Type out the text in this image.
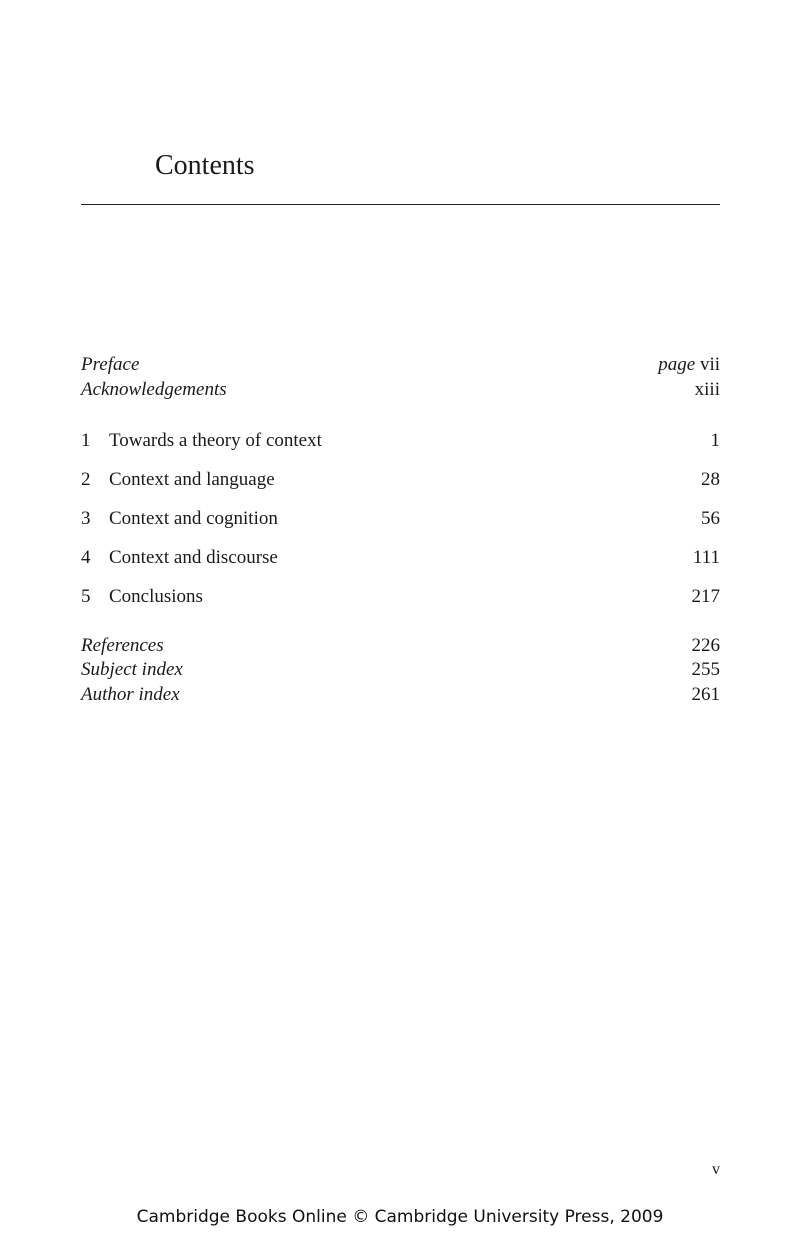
Contents
Preface	page vii
Acknowledgements	xiii
1 Towards a theory of context	1
2 Context and language	28
3 Context and cognition	56
4 Context and discourse	111
5 Conclusions	217
References	226
Subject index	255
Author index	261
v
Cambridge Books Online © Cambridge University Press, 2009
